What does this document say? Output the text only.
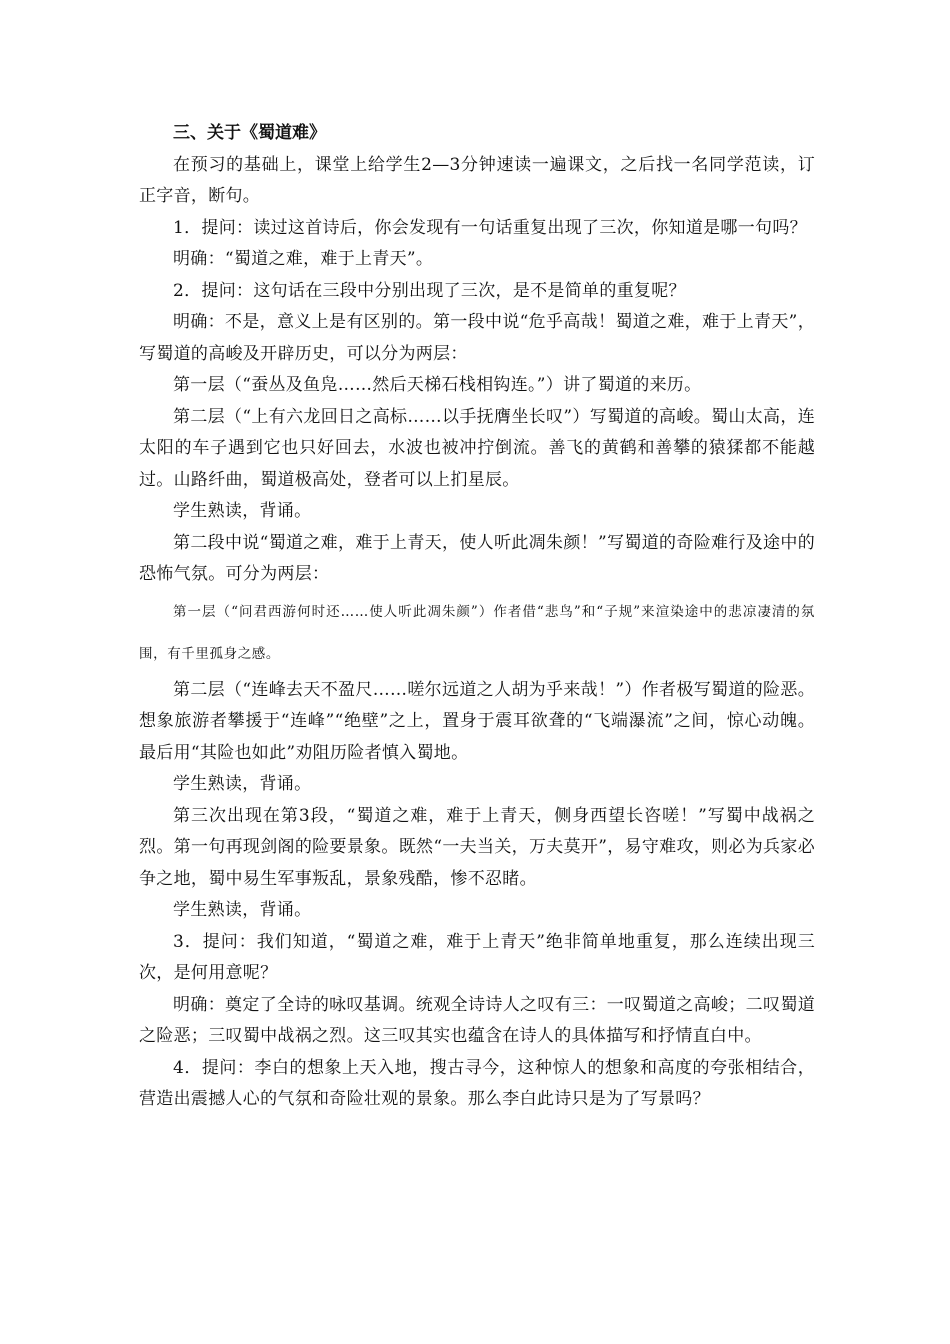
三、关于《蜀道难》

在预习的基础上，课堂上给学生2—3分钟速读一遍课文，之后找一名同学范读，订正字音，断句。

1．提问：读过这首诗后，你会发现有一句话重复出现了三次，你知道是哪一句吗？

明确：“蜀道之难，难于上青天”。

2．提问：这句话在三段中分别出现了三次，是不是简单的重复呢？

明确：不是，意义上是有区别的。第一段中说“危乎高哉！蜀道之难，难于上青天”，写蜀道的高峻及开辟历史，可以分为两层：

第一层（“蚕丛及鱼凫……然后天梯石栈相钩连。”）讲了蜀道的来历。

第二层（“上有六龙回日之高标……以手抚膺坐长叹”）写蜀道的高峻。蜀山太高，连太阳的车子遇到它也只好回去，水波也被冲拧倒流。善飞的黄鹤和善攀的猿猱都不能越过。山路纤曲，蜀道极高处，登者可以上扪星辰。

学生熟读，背诵。

第二段中说“蜀道之难，难于上青天，使人听此凋朱颜！”写蜀道的奇险难行及途中的恐怖气氛。可分为两层：

第一层（“问君西游何时还……使人听此凋朱颜”）作者借“悲鸟”和“子规”来渲染途中的悲凉凄清的氛围，有千里孤身之感。

第二层（“连峰去天不盈尺……嗟尔远道之人胡为乎来哉！”）作者极写蜀道的险恶。想象旅游者攀援于“连峰”“绝壁”之上，置身于震耳欲聋的“飞端瀑流”之间，惊心动魄。最后用“其险也如此”劝阻历险者慎入蜀地。

学生熟读，背诵。

第三次出现在第3段，“蜀道之难，难于上青天，侧身西望长咨嗟！”写蜀中战祸之烈。第一句再现剑阁的险要景象。既然“一夫当关，万夫莫开”，易守难攻，则必为兵家必争之地，蜀中易生军事叛乱，景象残酷，惨不忍睹。

学生熟读，背诵。

3．提问：我们知道，“蜀道之难，难于上青天”绝非简单地重复，那么连续出现三次，是何用意呢？

明确：奠定了全诗的咏叹基调。统观全诗诗人之叹有三：一叹蜀道之高峻；二叹蜀道之险恶；三叹蜀中战祸之烈。这三叹其实也蕴含在诗人的具体描写和抒情直白中。

4．提问：李白的想象上天入地，搜古寻今，这种惊人的想象和高度的夸张相结合，营造出震撼人心的气氛和奇险壮观的景象。那么李白此诗只是为了写景吗？
